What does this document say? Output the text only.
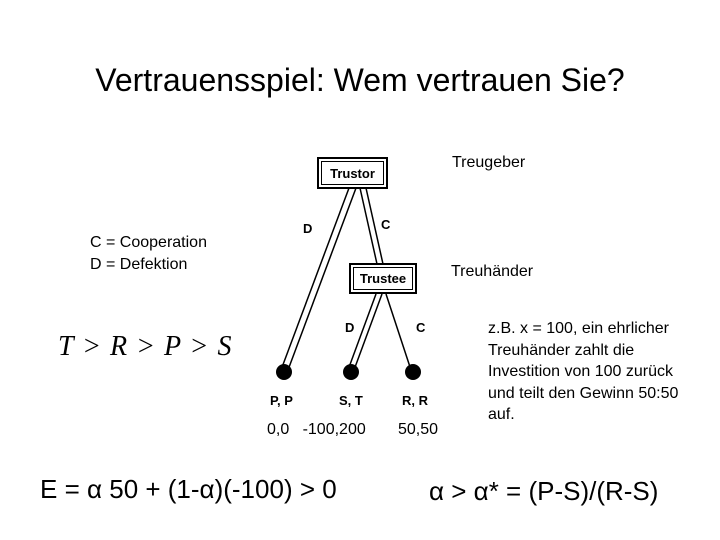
Vertrauensspiel: Wem vertrauen Sie?
Trustor
Trustee
Treugeber
Treuhänder
D	C
D	C
P, P	S, T	R, R
0,0   -100,200 50,50
C = Cooperation
D = Defektion
T > R > P > S
z.B. x = 100, ein ehrlicher Treuhänder zahlt die Investition von 100 zurück und teilt den Gewinn 50:50 auf.
E = α 50 + (1-α)(-100) > 0	α > α* = (P-S)/(R-S)
